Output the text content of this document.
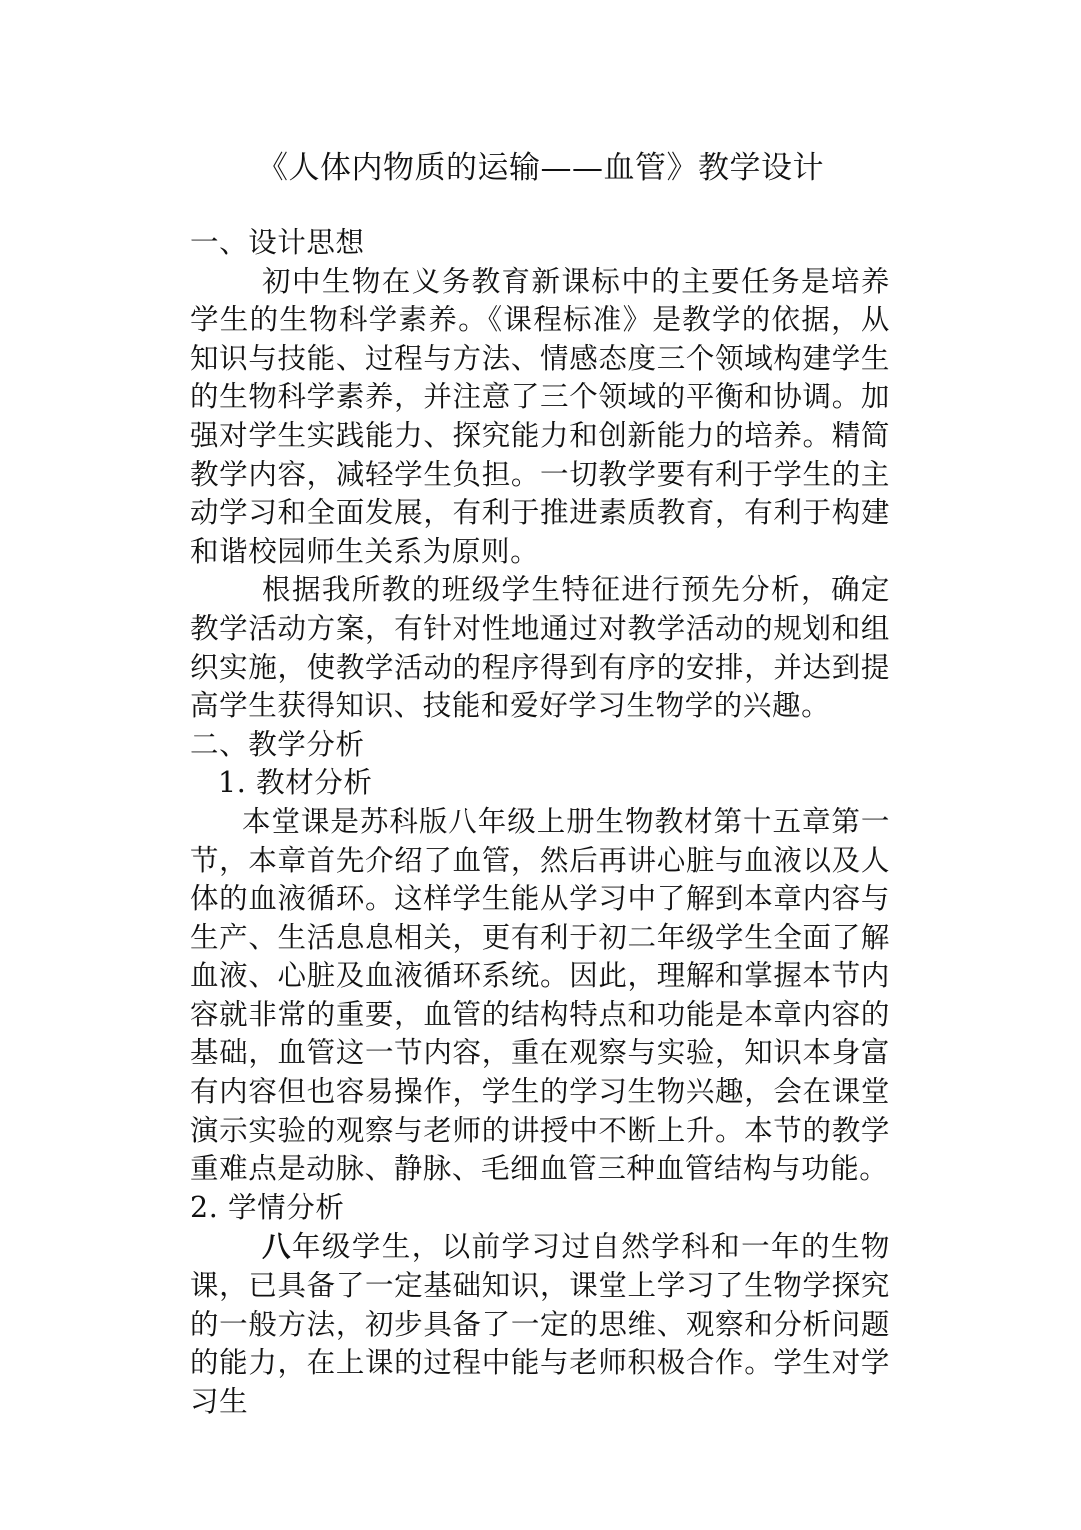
《人体内物质的运输——血管》教学设计

一、设计思想

初中生物在义务教育新课标中的主要任务是培养学生的生物科学素养。《课程标准》是教学的依据，从知识与技能、过程与方法、情感态度三个领域构建学生的生物科学素养，并注意了三个领域的平衡和协调。加强对学生实践能力、探究能力和创新能力的培养。精简教学内容，减轻学生负担。一切教学要有利于学生的主动学习和全面发展，有利于推进素质教育，有利于构建和谐校园师生关系为原则。

根据我所教的班级学生特征进行预先分析，确定教学活动方案，有针对性地通过对教学活动的规划和组织实施，使教学活动的程序得到有序的安排，并达到提高学生获得知识、技能和爱好学习生物学的兴趣。

二、教学分析

1. 教材分析

本堂课是苏科版八年级上册生物教材第十五章第一节，本章首先介绍了血管，然后再讲心脏与血液以及人体的血液循环。这样学生能从学习中了解到本章内容与生产、生活息息相关，更有利于初二年级学生全面了解血液、心脏及血液循环系统。因此，理解和掌握本节内容就非常的重要，血管的结构特点和功能是本章内容的基础，血管这一节内容，重在观察与实验，知识本身富有内容但也容易操作，学生的学习生物兴趣，会在课堂演示实验的观察与老师的讲授中不断上升。本节的教学重难点是动脉、静脉、毛细血管三种血管结构与功能。

2. 学情分析

八年级学生，以前学习过自然学科和一年的生物课，已具备了一定基础知识，课堂上学习了生物学探究的一般方法，初步具备了一定的思维、观察和分析问题的能力，在上课的过程中能与老师积极合作。学生对学习生
